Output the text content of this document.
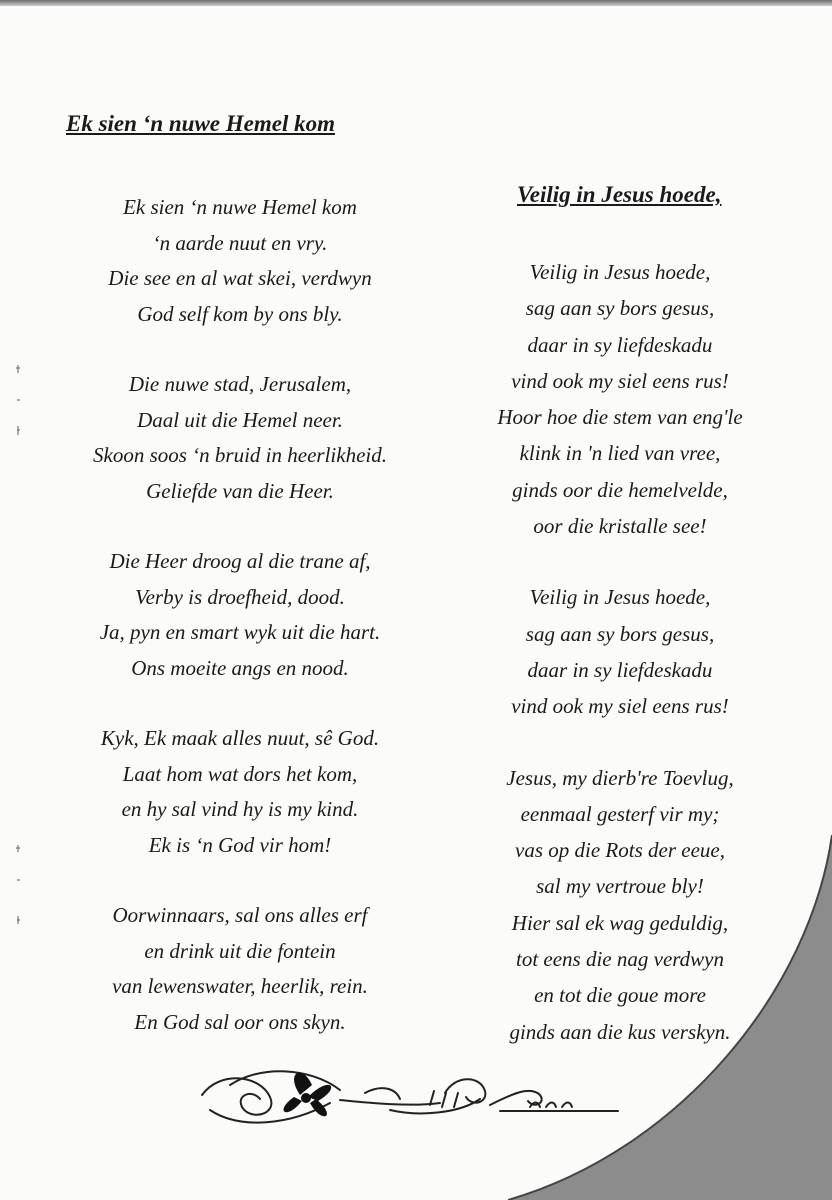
Ek sien ‘n nuwe Hemel kom
Veilig in Jesus hoede,

Ek sien ‘n nuwe Hemel kom

‘n aarde nuut en vry.

Die see en al wat skei, verdwyn

God self kom by ons bly.

Die nuwe stad, Jerusalem,

Daal uit die Hemel neer.

Skoon soos ‘n bruid in heerlikheid.

Geliefde van die Heer.

Die Heer droog al die trane af,

Verby is droefheid, dood.

Ja, pyn en smart wyk uit die hart.

Ons moeite angs en nood.

Kyk, Ek maak alles nuut, sê God.

Laat hom wat dors het kom,

en hy sal vind hy is my kind.

Ek is ‘n God vir hom!

Oorwinnaars, sal ons alles erf

en drink uit die fontein

van lewenswater, heerlik, rein.

En God sal oor ons skyn.

Veilig in Jesus hoede,

sag aan sy bors gesus,

daar in sy liefdeskadu

vind ook my siel eens rus!

Hoor hoe die stem van eng'le

klink in 'n lied van vree,

ginds oor die hemelvelde,

oor die kristalle see!

Veilig in Jesus hoede,

sag aan sy bors gesus,

daar in sy liefdeskadu

vind ook my siel eens rus!

Jesus, my dierb're Toevlug,

eenmaal gesterf vir my;

vas op die Rots der eeue,

sal my vertroue bly!

Hier sal ek wag geduldig,

tot eens die nag verdwyn

en tot die goue more

ginds aan die kus verskyn.
